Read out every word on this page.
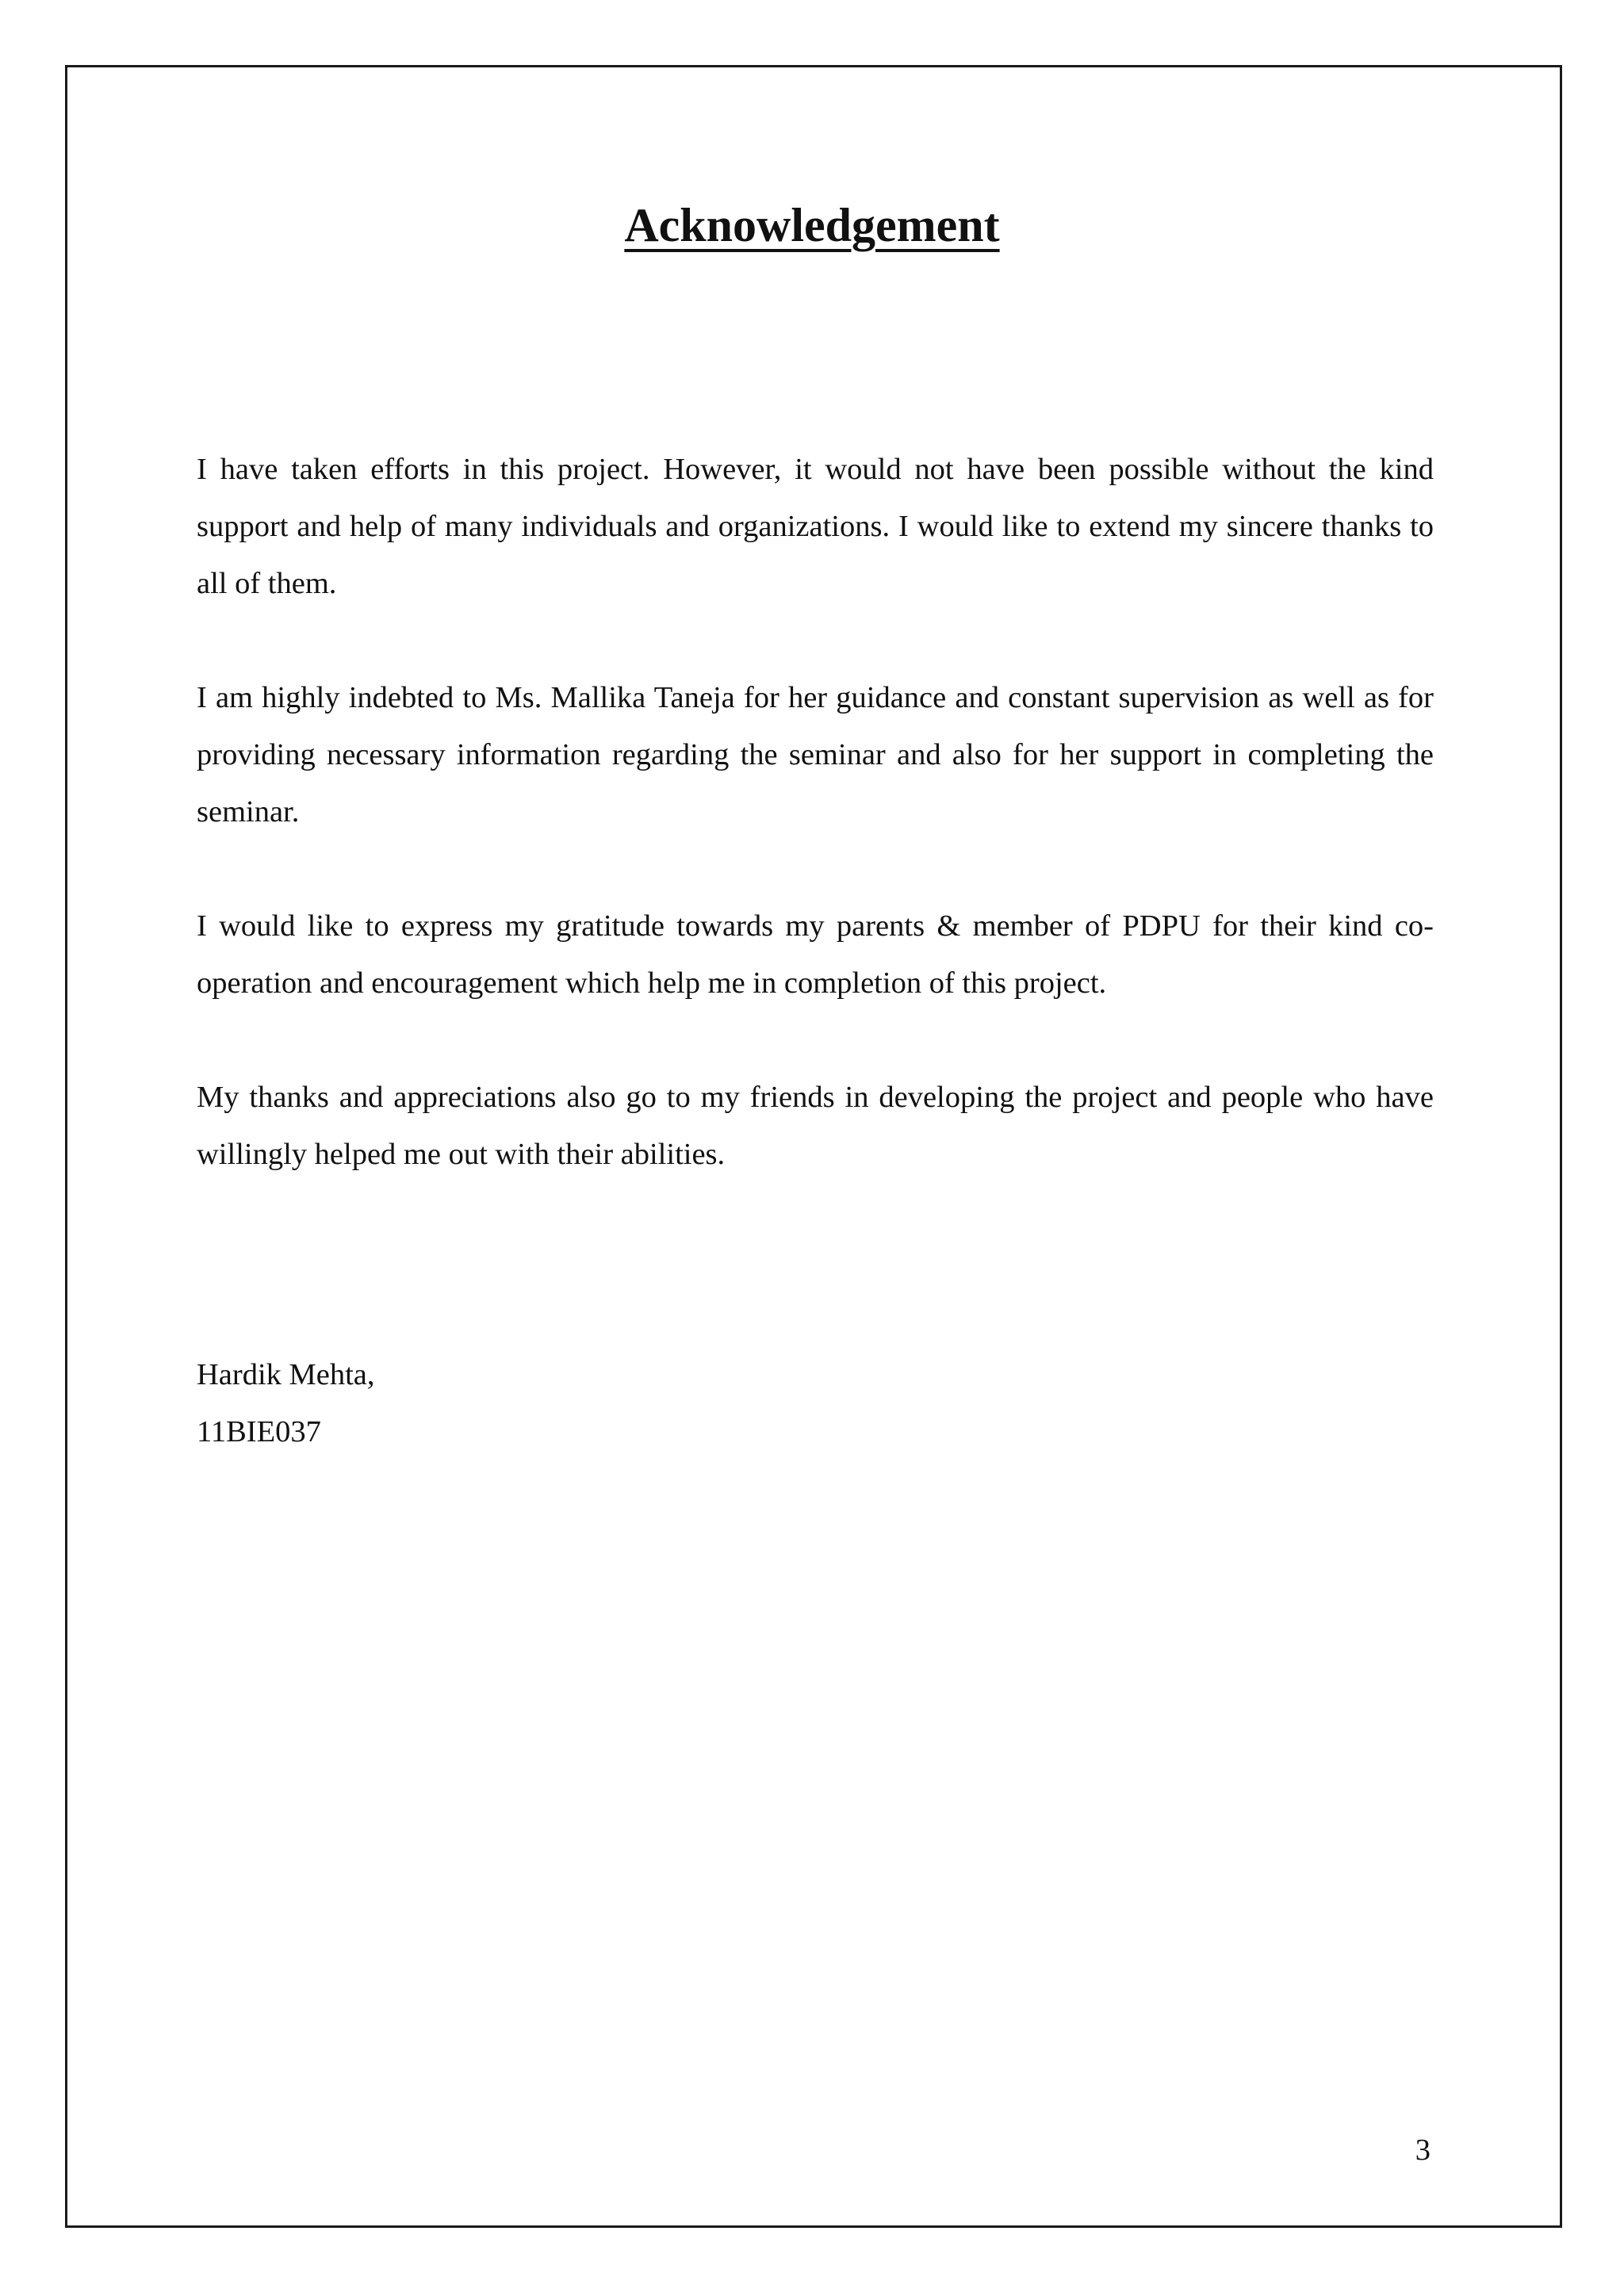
Acknowledgement

I have taken efforts in this project. However, it would not have been possible without the kind support and help of many individuals and organizations. I would like to extend my sincere thanks to all of them.

I am highly indebted to Ms. Mallika Taneja for her guidance and constant supervision as well as for providing necessary information regarding the seminar and also for her support in completing the seminar.

I would like to express my gratitude towards my parents & member of PDPU for their kind co-operation and encouragement which help me in completion of this project.

My thanks and appreciations also go to my friends in developing the project and people who have willingly helped me out with their abilities.

Hardik Mehta,
11BIE037
3
